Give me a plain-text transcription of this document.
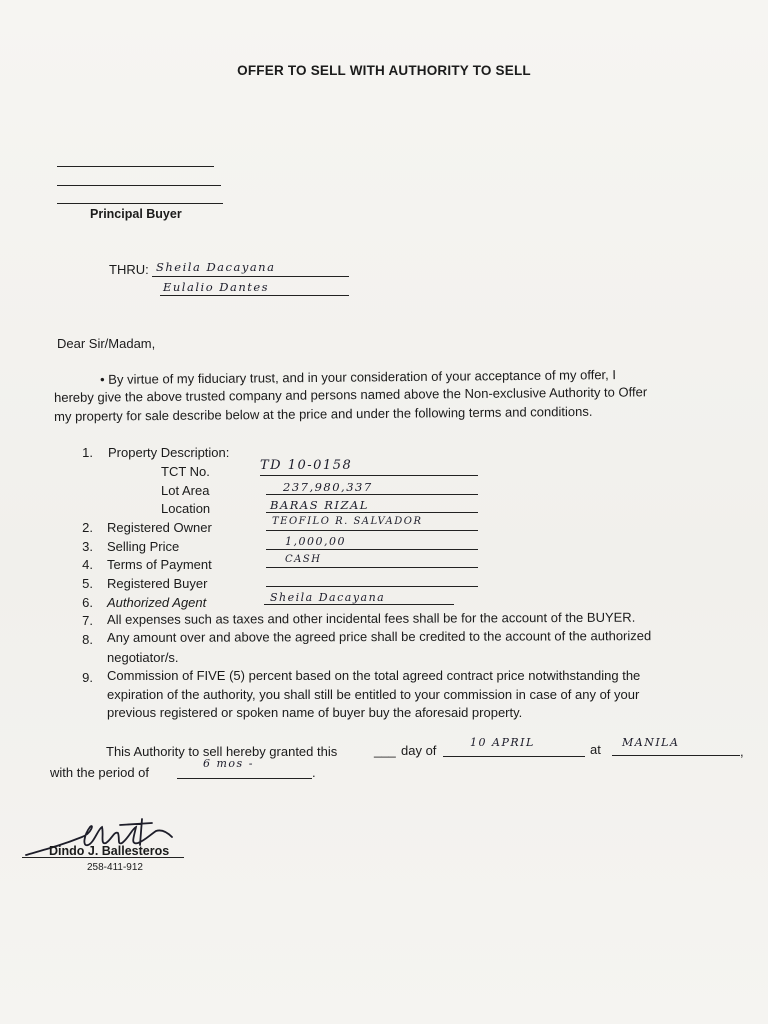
OFFER TO SELL WITH AUTHORITY TO SELL
Principal Buyer
THRU: Sheila Dacayana
Eulalio Dantes
Dear Sir/Madam,
• By virtue of my fiduciary trust, and in your consideration of your acceptance of my offer, I
hereby give the above trusted company and persons named above the Non-exclusive Authority to Offer
my property for sale describe below at the price and under the following terms and conditions.
1. Property Description:
TCT No.	TD 10-0158
Lot Area	237,980,337
Location	BARAS RIZAL
2. Registered Owner	TEOFILO R. SALVADOR
3. Selling Price	1,000,00
4. Terms of Payment	CASH
5. Registered Buyer
6. Authorized Agent	Sheila Dacayana
7. All expenses such as taxes and other incidental fees shall be for the account of the BUYER.
8. Any amount over and above the agreed price shall be credited to the account of the authorized
negotiator/s.
9. Commission of FIVE (5) percent based on the total agreed contract price notwithstanding the
expiration of the authority, you shall still be entitled to your commission in case of any of your
previous registered or spoken name of buyer buy the aforesaid property.
This Authority to sell hereby granted this	___ day of
10 APRIL	at MANILA
,
with the period of
6 mos -
.
Dindo J. Ballesteros
258-411-912
